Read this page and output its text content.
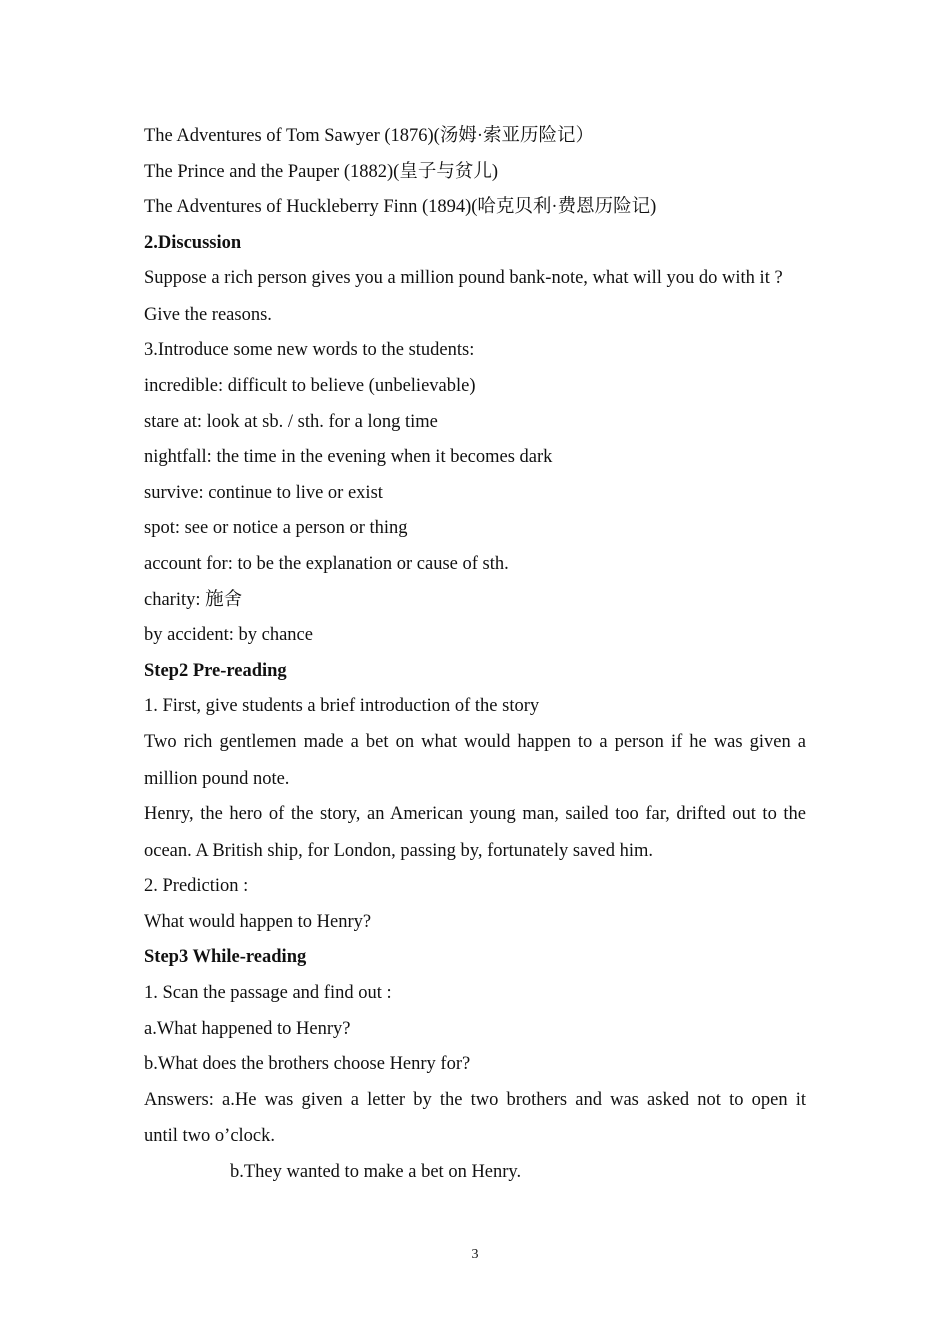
The Adventures of Tom Sawyer (1876)(汤姆·索亚历险记）
The Prince and the Pauper (1882)(皇子与贫儿)
The Adventures of Huckleberry Finn (1894)(哈克贝利·费恩历险记)
2.Discussion
Suppose a rich person gives you a million pound bank-note, what will you do with it ?
Give the reasons.
3.Introduce some new words to the students:
incredible: difficult to believe (unbelievable)
stare at: look at sb. / sth. for a long time
nightfall: the time in the evening when it becomes dark
survive: continue to live or exist
spot: see or notice a person or thing
account for: to be the explanation or cause of sth.
charity: 施舍
by accident: by chance
Step2 Pre-reading
1. First, give students a brief introduction of the story
Two rich gentlemen made a bet on what would happen to a person if he was given a
million pound note.
Henry, the hero of the story, an American young man, sailed too far, drifted out to the
ocean. A British ship, for London, passing by, fortunately saved him.
2. Prediction :
What would happen to Henry?
Step3 While-reading
1. Scan the passage and find out :
a.What happened to Henry?
b.What does the brothers choose Henry for?
Answers: a.He was given a letter by the two brothers and was asked not to open it
until two o’clock.
b.They wanted to make a bet on Henry.
3
